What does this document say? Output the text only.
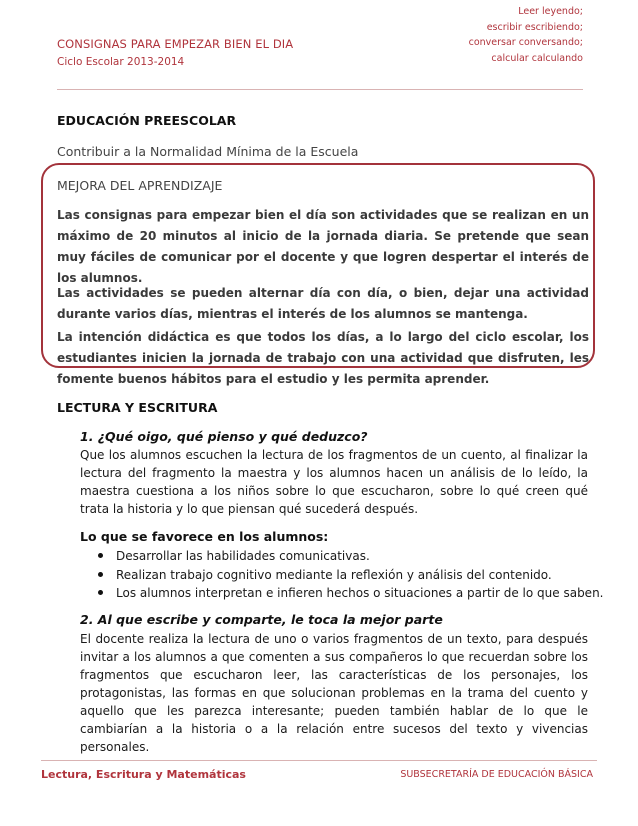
CONSIGNAS PARA EMPEZAR BIEN EL DIA
Ciclo Escolar 2013-2014
Leer leyendo;
escribir escribiendo;
conversar conversando;
calcular calculando
EDUCACIÓN PREESCOLAR
Contribuir a la Normalidad Mínima de la Escuela
MEJORA DEL APRENDIZAJE
Las consignas para empezar bien el día son actividades que se realizan en un máximo de 20 minutos al inicio de la jornada diaria. Se pretende que sean muy fáciles de comunicar por el docente y que logren despertar el interés de los alumnos.
Las actividades se pueden alternar día con día, o bien, dejar una actividad durante varios días, mientras el interés de los alumnos se mantenga.
La intención didáctica es que todos los días, a lo largo del ciclo escolar, los estudiantes inicien la jornada de trabajo con una actividad que disfruten, les fomente buenos hábitos para el estudio y les permita aprender.
LECTURA Y ESCRITURA
1. ¿Qué oigo, qué pienso y qué deduzco?
Que los alumnos escuchen la lectura de los fragmentos de un cuento, al finalizar la lectura del fragmento la maestra y los alumnos hacen un análisis de lo leído, la maestra cuestiona a los niños sobre lo que escucharon, sobre lo qué creen qué trata la historia y lo que piensan qué sucederá después.
Lo que se favorece en los alumnos:
Desarrollar las habilidades comunicativas.
Realizan trabajo cognitivo mediante la reflexión y análisis del contenido.
Los alumnos interpretan e infieren hechos o situaciones a partir de lo que saben.
2. Al que escribe y comparte, le toca la mejor parte
El docente realiza la lectura de uno o varios fragmentos de un texto, para después invitar a los alumnos a que comenten a sus compañeros lo que recuerdan sobre los fragmentos que escucharon leer, las características de los personajes, los protagonistas, las formas en que solucionan problemas en la trama del cuento y aquello que les parezca interesante; pueden también hablar de lo que le cambiarían a la historia o a la relación entre sucesos del texto y vivencias personales.
Lectura, Escritura y Matemáticas	SUBSECRETARÍA DE EDUCACIÓN BÁSICA
